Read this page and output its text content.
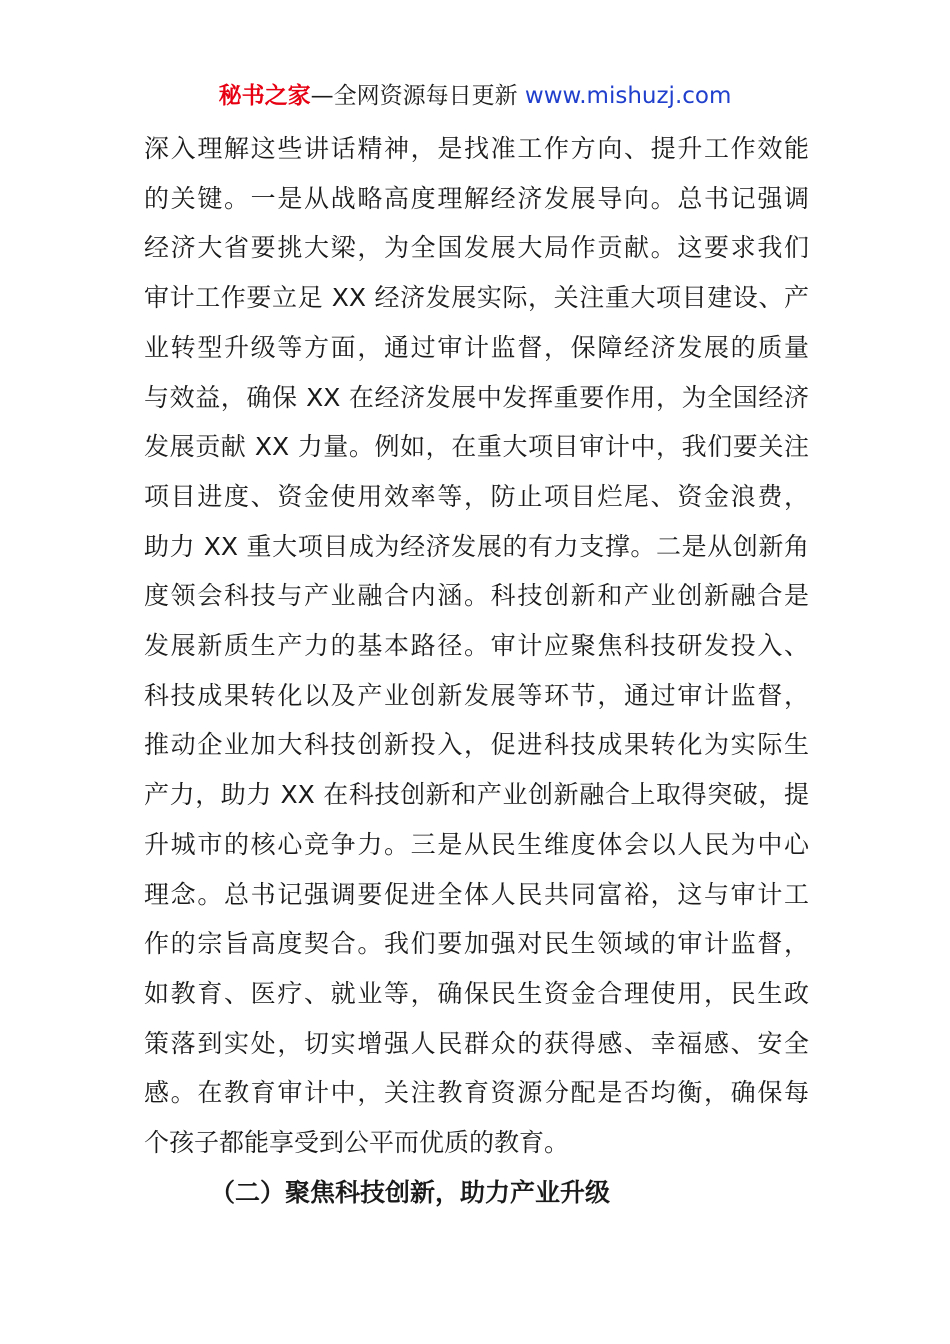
秘书之家—全网资源每日更新 www.mishuzj.com
深入理解这些讲话精神，是找准工作方向、提升工作效能
的关键。一是从战略高度理解经济发展导向。总书记强调
经济大省要挑大梁，为全国发展大局作贡献。这要求我们
审计工作要立足 XX 经济发展实际，关注重大项目建设、产
业转型升级等方面，通过审计监督，保障经济发展的质量
与效益，确保 XX 在经济发展中发挥重要作用，为全国经济
发展贡献 XX 力量。例如，在重大项目审计中，我们要关注
项目进度、资金使用效率等，防止项目烂尾、资金浪费，
助力 XX 重大项目成为经济发展的有力支撑。二是从创新角
度领会科技与产业融合内涵。科技创新和产业创新融合是
发展新质生产力的基本路径。审计应聚焦科技研发投入、
科技成果转化以及产业创新发展等环节，通过审计监督，
推动企业加大科技创新投入，促进科技成果转化为实际生
产力，助力 XX 在科技创新和产业创新融合上取得突破，提
升城市的核心竞争力。三是从民生维度体会以人民为中心
理念。总书记强调要促进全体人民共同富裕，这与审计工
作的宗旨高度契合。我们要加强对民生领域的审计监督，
如教育、医疗、就业等，确保民生资金合理使用，民生政
策落到实处，切实增强人民群众的获得感、幸福感、安全
感。在教育审计中，关注教育资源分配是否均衡，确保每
个孩子都能享受到公平而优质的教育。
（二）聚焦科技创新，助力产业升级
